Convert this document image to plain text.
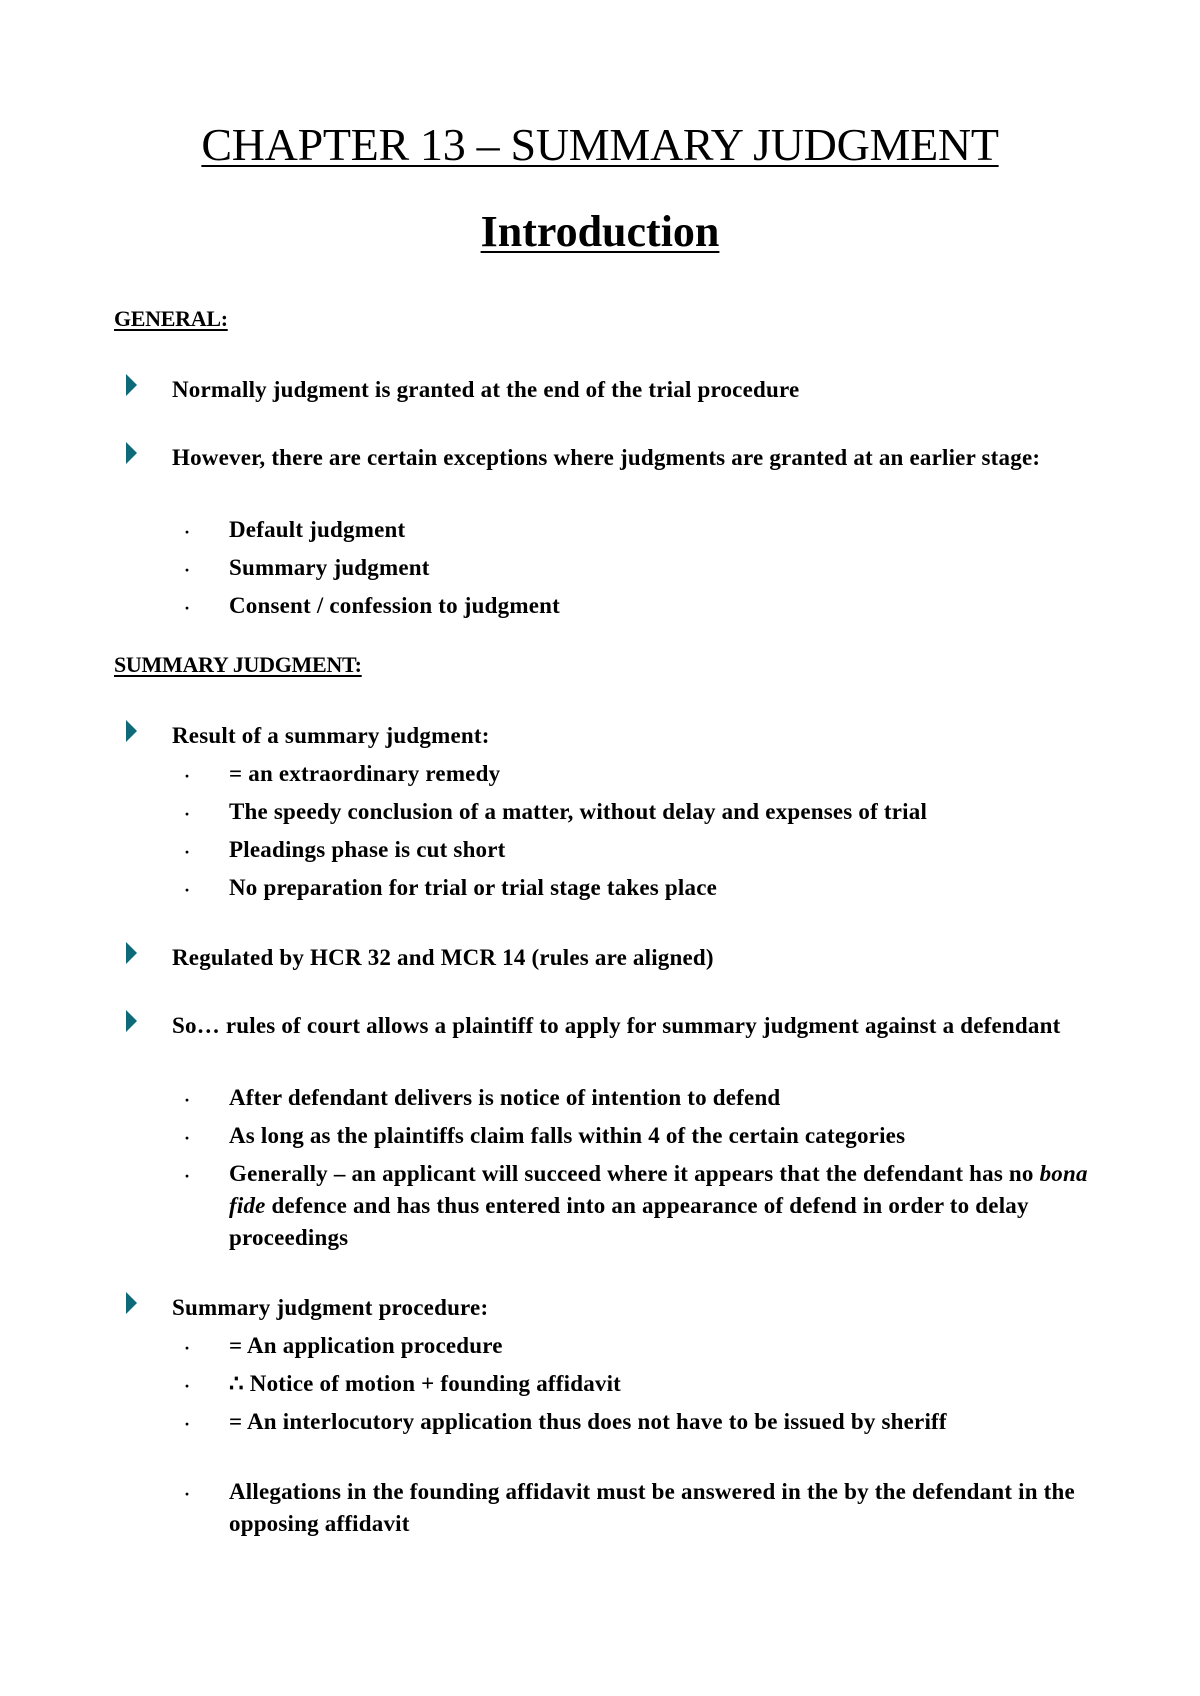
CHAPTER 13 – SUMMARY JUDGMENT
Introduction
GENERAL:

Normally judgment is granted at the end of the trial procedure

However, there are certain exceptions where judgments are granted at an earlier stage:

· Default judgment

· Summary judgment

· Consent / confession to judgment

SUMMARY JUDGMENT:

Result of a summary judgment:

· = an extraordinary remedy

· The speedy conclusion of a matter, without delay and expenses of trial

· Pleadings phase is cut short

· No preparation for trial or trial stage takes place

Regulated by HCR 32 and MCR 14 (rules are aligned)

So… rules of court allows a plaintiff to apply for summary judgment against a defendant

· After defendant delivers is notice of intention to defend

· As long as the plaintiffs claim falls within 4 of the certain categories

· Generally – an applicant will succeed where it appears that the defendant has no bona fide defence and has thus entered into an appearance of defend in order to delay proceedings

Summary judgment procedure:

· = An application procedure

· ∴ Notice of motion + founding affidavit

· = An interlocutory application thus does not have to be issued by sheriff

· Allegations in the founding affidavit must be answered in the by the defendant in the opposing affidavit
